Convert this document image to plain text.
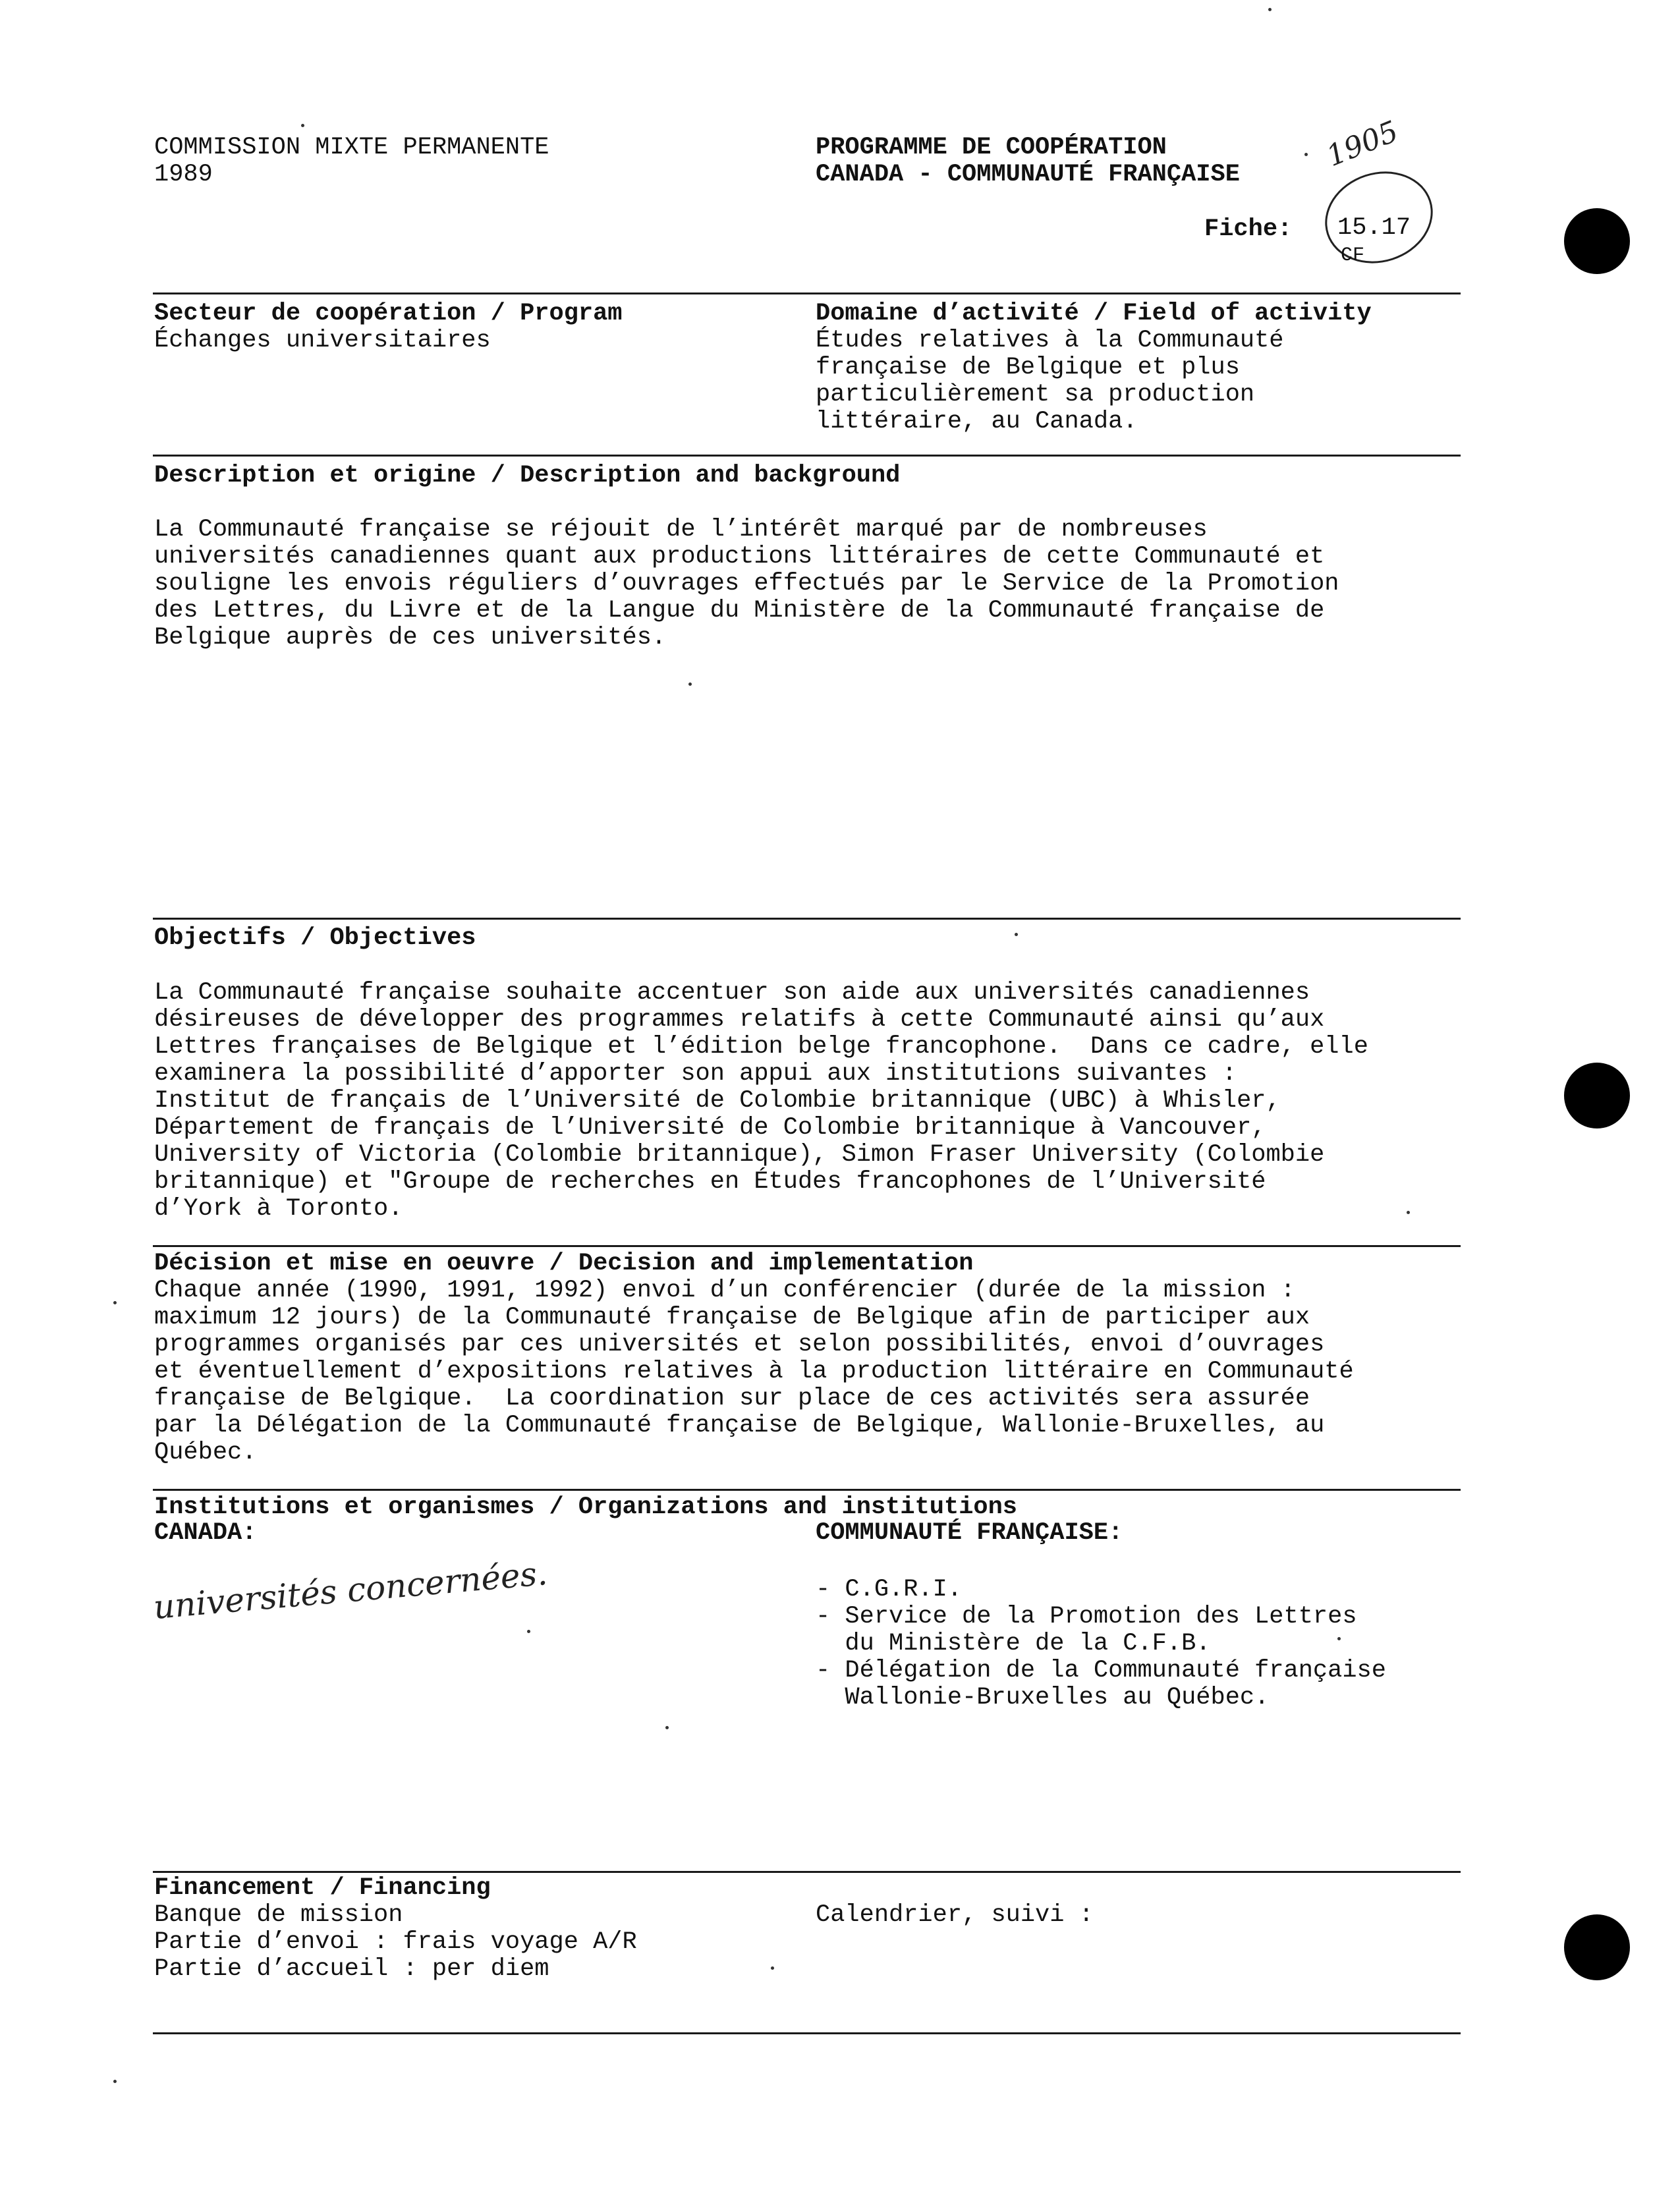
COMMISSION MIXTE PERMANENTE
1989
PROGRAMME DE COOPÉRATION
CANADA - COMMUNAUTÉ FRANÇAISE
1905
Fiche: 15.17
CF
Secteur de coopération / Program
Échanges universitaires
Domaine d’activité / Field of activity
Études relatives à la Communauté
française de Belgique et plus
particulièrement sa production
littéraire, au Canada.
Description et origine / Description and background
La Communauté française se réjouit de l’intérêt marqué par de nombreuses
universités canadiennes quant aux productions littéraires de cette Communauté et
souligne les envois réguliers d’ouvrages effectués par le Service de la Promotion
des Lettres, du Livre et de la Langue du Ministère de la Communauté française de
Belgique auprès de ces universités.
Objectifs / Objectives
La Communauté française souhaite accentuer son aide aux universités canadiennes
désireuses de développer des programmes relatifs à cette Communauté ainsi qu’aux
Lettres françaises de Belgique et l’édition belge francophone.  Dans ce cadre, elle
examinera la possibilité d’apporter son appui aux institutions suivantes :
Institut de français de l’Université de Colombie britannique (UBC) à Whisler,
Département de français de l’Université de Colombie britannique à Vancouver,
University of Victoria (Colombie britannique), Simon Fraser University (Colombie
britannique) et "Groupe de recherches en Études francophones de l’Université
d’York à Toronto.
Décision et mise en oeuvre / Decision and implementation
Chaque année (1990, 1991, 1992) envoi d’un conférencier (durée de la mission :
maximum 12 jours) de la Communauté française de Belgique afin de participer aux
programmes organisés par ces universités et selon possibilités, envoi d’ouvrages
et éventuellement d’expositions relatives à la production littéraire en Communauté
française de Belgique.  La coordination sur place de ces activités sera assurée
par la Délégation de la Communauté française de Belgique, Wallonie-Bruxelles, au
Québec.
Institutions et organismes / Organizations and institutions
CANADA:
universités concernées.
COMMUNAUTÉ FRANÇAISE:
- C.G.R.I.
- Service de la Promotion des Lettres
du Ministère de la C.F.B.
- Délégation de la Communauté française
Wallonie-Bruxelles au Québec.
Financement / Financing
Banque de mission
Partie d’envoi : frais voyage A/R
Partie d’accueil : per diem
Calendrier, suivi :
